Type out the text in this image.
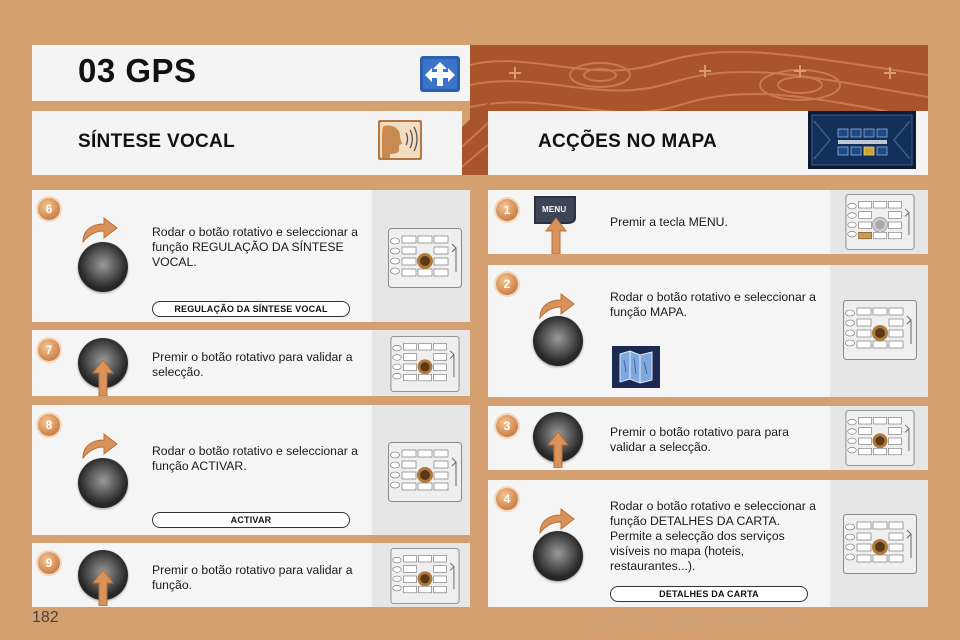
03 GPS
SÍNTESE VOCAL	ACÇÕES NO MAPA
6
Rodar o botão rotativo e seleccionar a função REGULAÇÃO DA SÍNTESE VOCAL.
REGULAÇÃO DA SÍNTESE VOCAL
7	Premir o botão rotativo para validar a selecção.
8
Rodar o botão rotativo e seleccionar a função ACTIVAR.
ACTIVAR
9	Premir o botão rotativo para validar a função.
1	MENU
Premir a tecla MENU.
2
Rodar o botão rotativo e seleccionar a função MAPA.
3	Premir o botão rotativo para para validar a selecção.
4	Rodar o botão rotativo e seleccionar a função DETALHES DA CARTA. Permite a selecção dos serviços visíveis no mapa (hoteis, restaurantes...).
DETALHES DA CARTA
182	carmanualsonline.info
